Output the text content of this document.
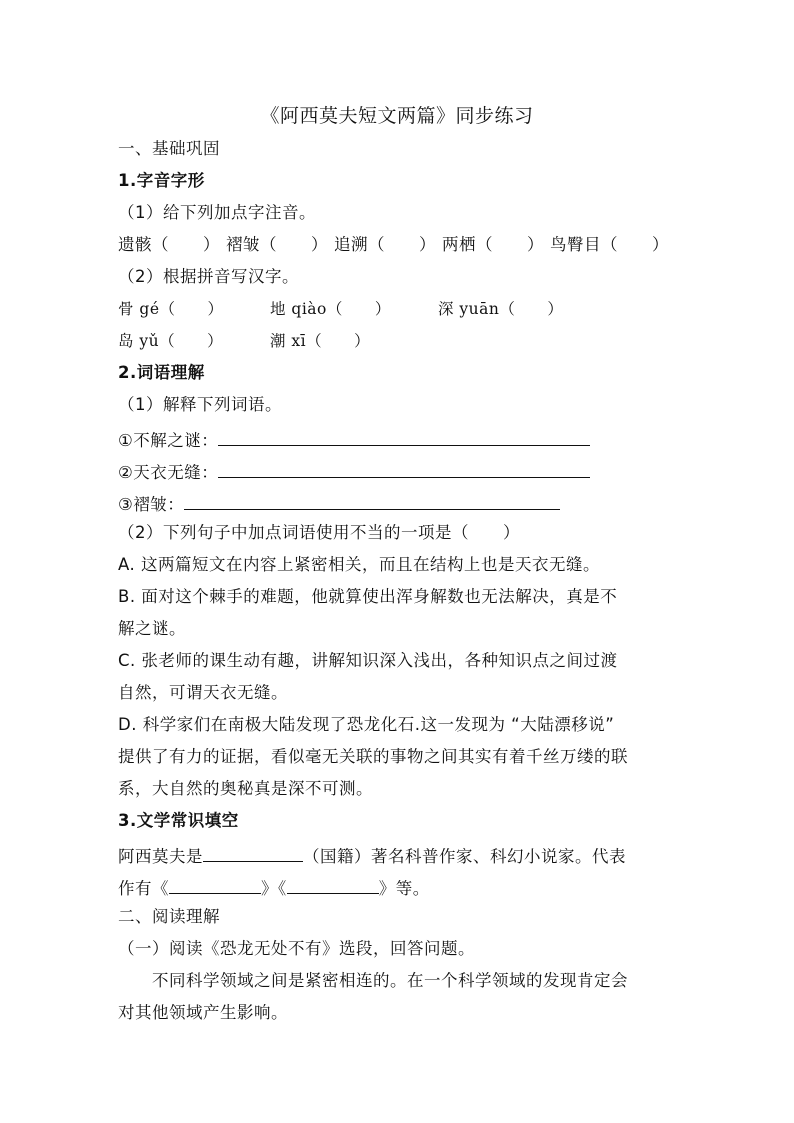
《阿西莫夫短文两篇》同步练习
一、基础巩固
1.字音字形
（1）给下列加点字注音。
遗骸（　　） 褶皱（　　） 追溯（　　） 两栖（　　） 鸟臀目（　　）
（2）根据拼音写汉字。
骨 gé（　　）	地 qiào（　　）	深 yuān（　　）
岛 yǔ（　　）	潮 xī（　　）
2.词语理解
（1）解释下列词语。
①不解之谜：
②天衣无缝：
③褶皱：
（2）下列句子中加点词语使用不当的一项是（　　）
A. 这两篇短文在内容上紧密相关，而且在结构上也是天衣无缝。
B. 面对这个棘手的难题，他就算使出浑身解数也无法解决，真是不
解之谜。
C. 张老师的课生动有趣，讲解知识深入浅出，各种知识点之间过渡
自然，可谓天衣无缝。
D. 科学家们在南极大陆发现了恐龙化石.这一发现为 “大陆漂移说”
提供了有力的证据，看似毫无关联的事物之间其实有着千丝万缕的联
系，大自然的奥秘真是深不可测。
3.文学常识填空
阿西莫夫是	（国籍）著名科普作家、科幻小说家。代表
作有《	》《	》等。
二、阅读理解
（一）阅读《恐龙无处不有》选段，回答问题。
　　不同科学领域之间是紧密相连的。在一个科学领域的发现肯定会
对其他领域产生影响。
